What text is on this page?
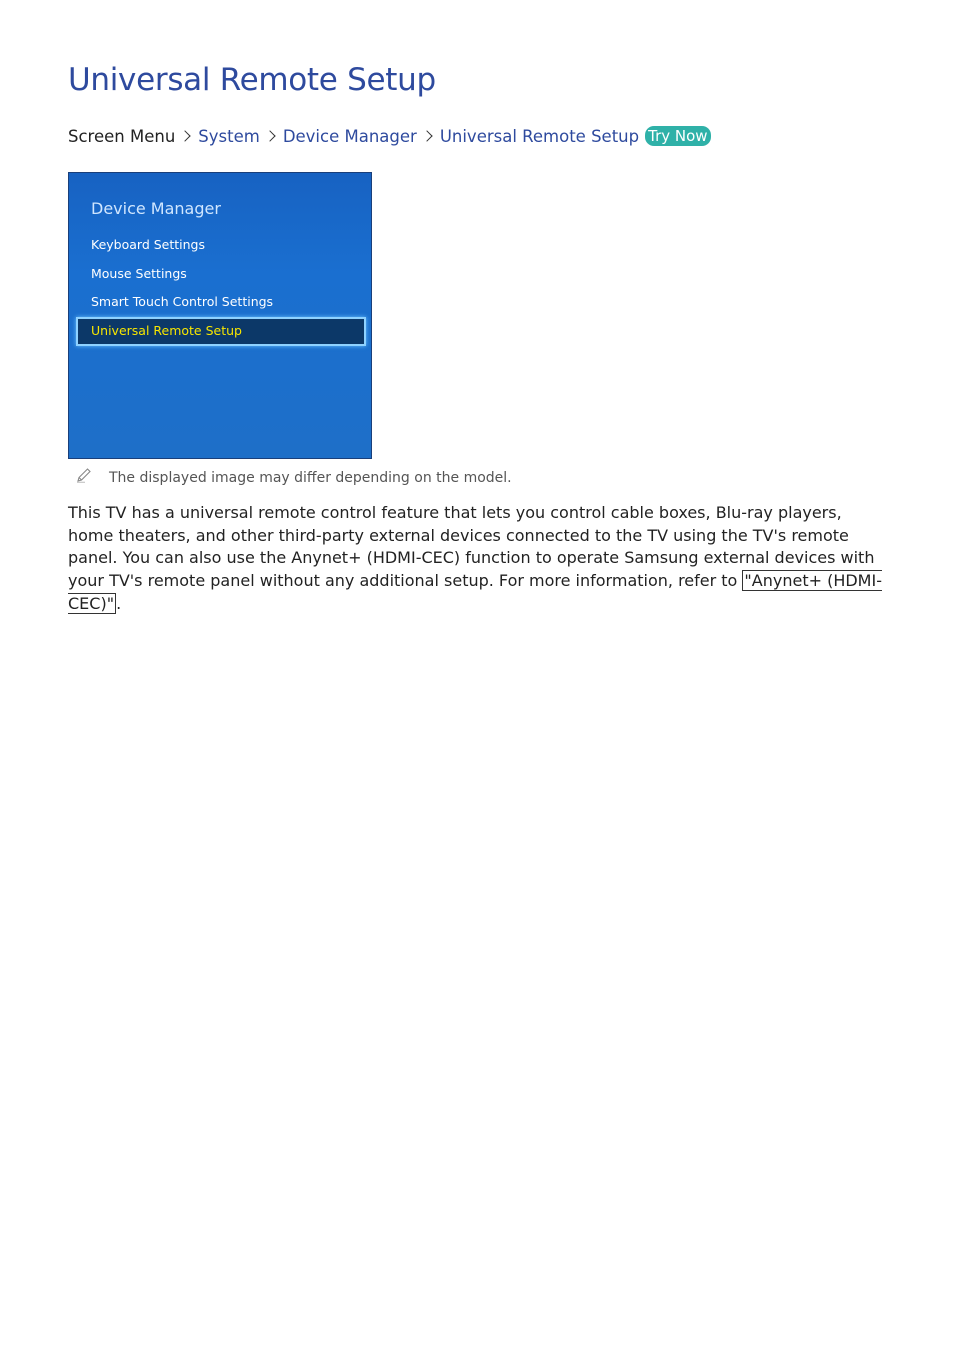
Universal Remote Setup
Screen Menu System Device Manager Universal Remote Setup Try Now
Device Manager
Keyboard Settings
Mouse Settings
Smart Touch Control Settings
Universal Remote Setup
The displayed image may differ depending on the model.

This TV has a universal remote control feature that lets you control cable boxes, Blu-ray players, home theaters, and other third-party external devices connected to the TV using the TV's remote panel. You can also use the Anynet+ (HDMI-CEC) function to operate Samsung external devices with your TV's remote panel without any additional setup. For more information, refer to "Anynet+ (HDMI-CEC)" .
